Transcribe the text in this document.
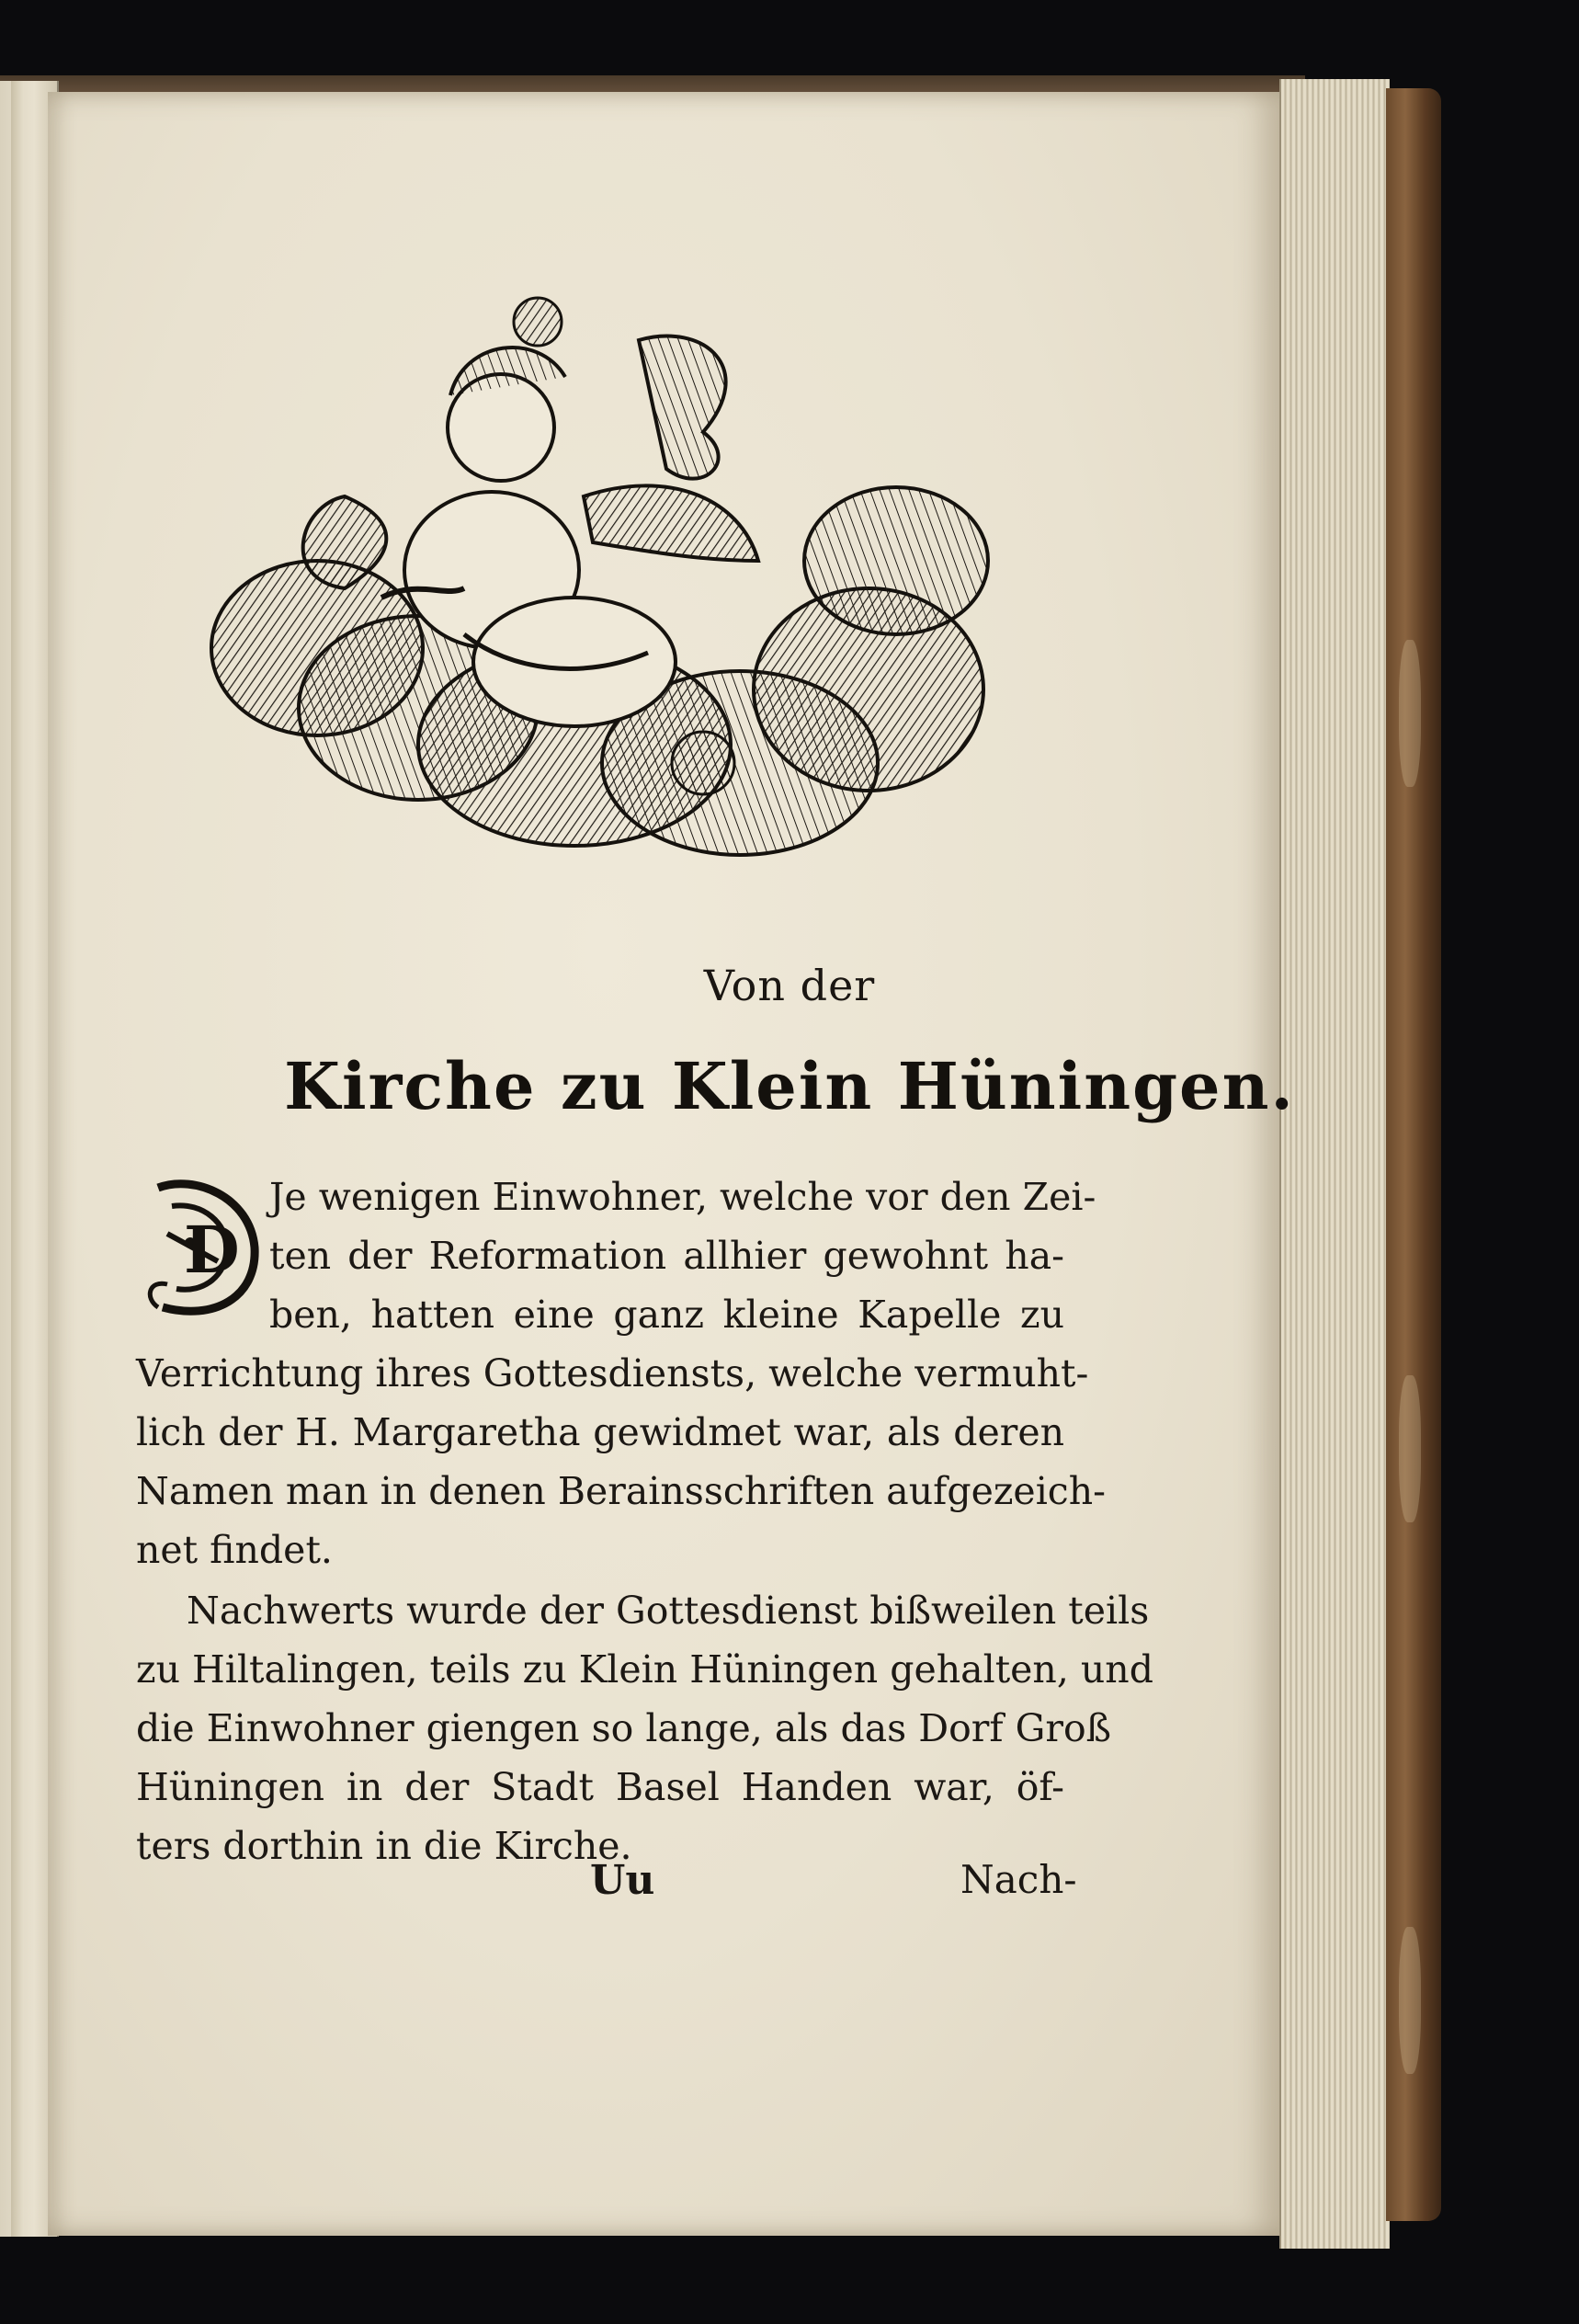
Von der
Kirche zu Klein Hüningen.
D
Je wenigen Einwohner, welche vor den Zei-
ten der Reformation allhier gewohnt ha-
ben, hatten eine ganz kleine Kapelle zu
Verrichtung ihres Gottesdiensts, welche vermuht-
lich der H. Margaretha gewidmet war, als deren
Namen man in denen Berainsschriften aufgezeich-
net findet.
Nachwerts wurde der Gottesdienst bißweilen teils
zu Hiltalingen, teils zu Klein Hüningen gehalten, und
die Einwohner giengen so lange, als das Dorf Groß
Hüningen in der Stadt Basel Handen war, öf-
ters dorthin in die Kirche.
Uu	Nach-
